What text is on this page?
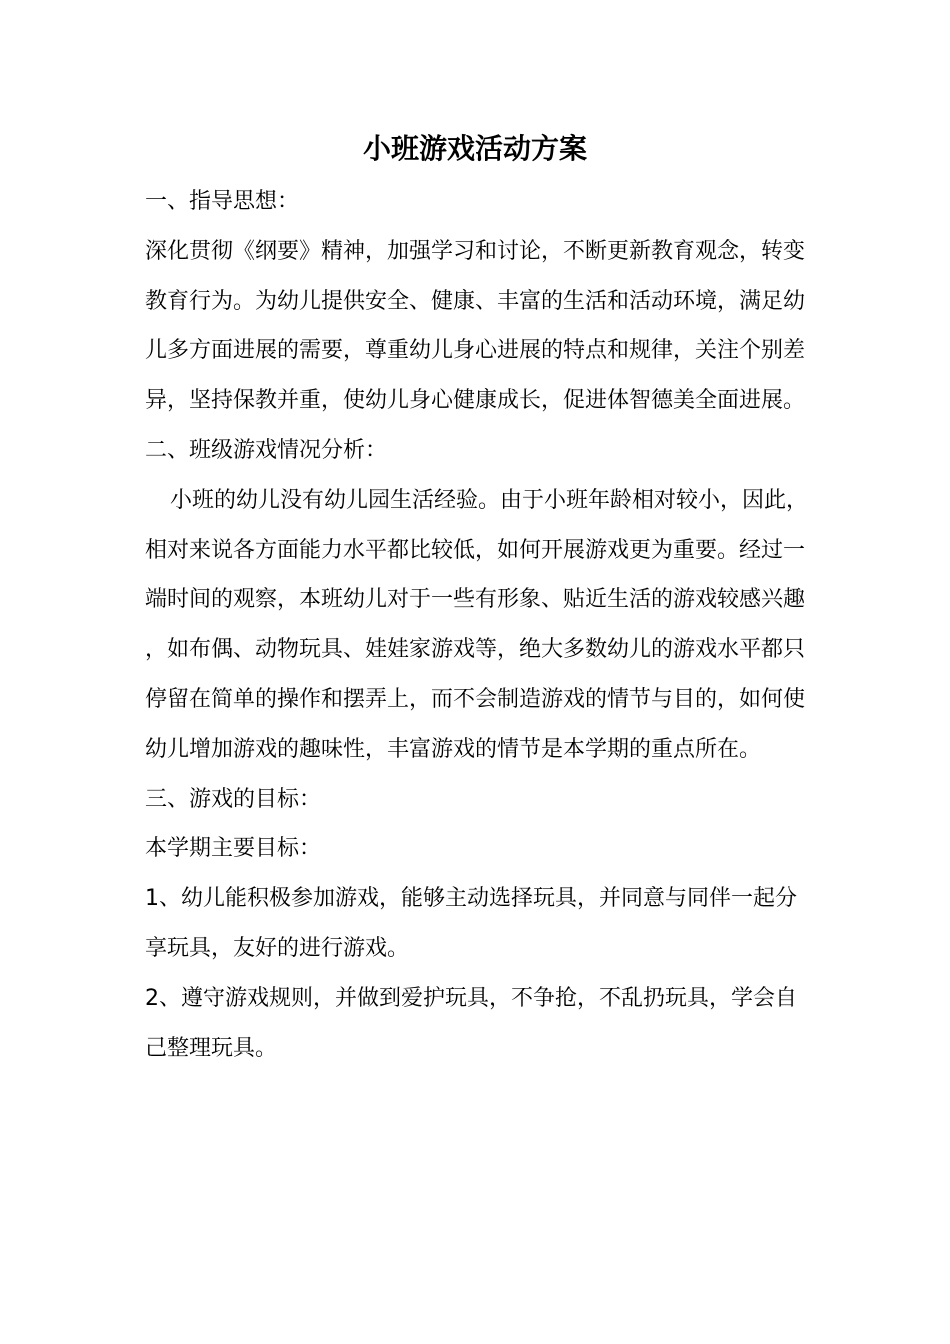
小班游戏活动方案

一、指导思想：

深化贯彻《纲要》精神，加强学习和讨论，不断更新教育观念，转变教育行为。为幼儿提供安全、健康、丰富的生活和活动环境，满足幼儿多方面进展的需要，尊重幼儿身心进展的特点和规律，关注个别差异，坚持保教并重，使幼儿身心健康成长，促进体智德美全面进展。

二、班级游戏情况分析：

小班的幼儿没有幼儿园生活经验。由于小班年龄相对较小，因此，相对来说各方面能力水平都比较低，如何开展游戏更为重要。经过一端时间的观察，本班幼儿对于一些有形象、贴近生活的游戏较感兴趣，如布偶、动物玩具、娃娃家游戏等，绝大多数幼儿的游戏水平都只停留在简单的操作和摆弄上，而不会制造游戏的情节与目的，如何使幼儿增加游戏的趣味性，丰富游戏的情节是本学期的重点所在。

三、游戏的目标：

本学期主要目标：

1、幼儿能积极参加游戏，能够主动选择玩具，并同意与同伴一起分享玩具，友好的进行游戏。

2、遵守游戏规则，并做到爱护玩具，不争抢，不乱扔玩具，学会自己整理玩具。
